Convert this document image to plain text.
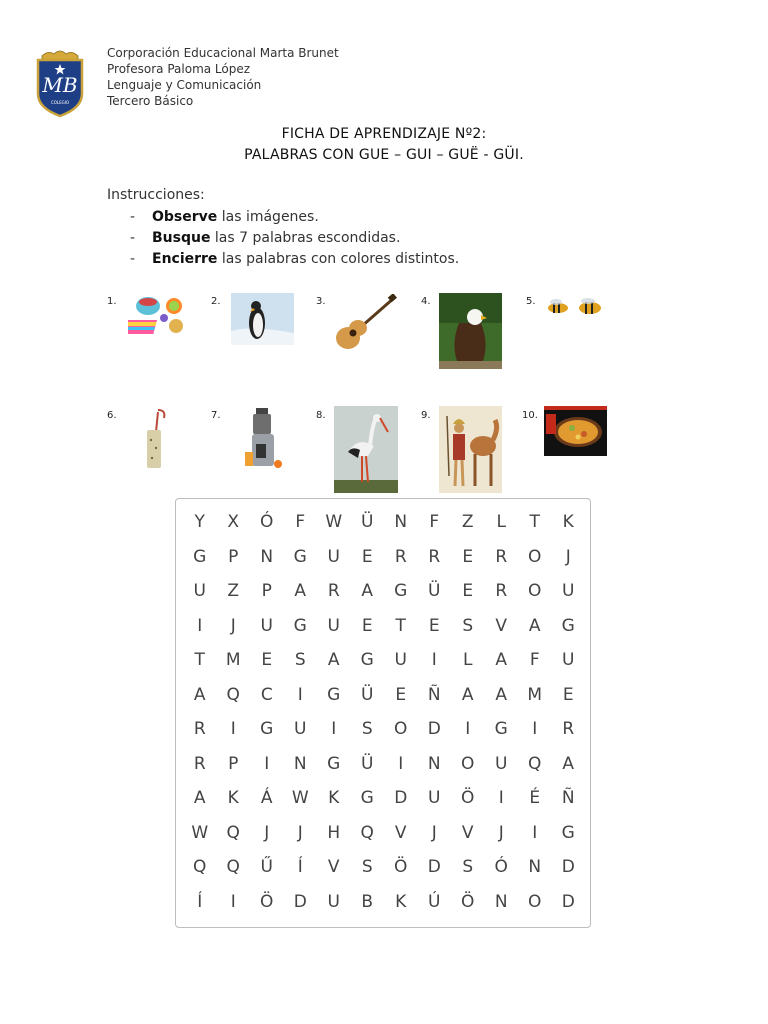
MB
COLEGIO
Corporación Educacional Marta Brunet
Profesora Paloma López
Lenguaje y Comunicación
Tercero Básico
FICHA DE APRENDIZAJE Nº2:
PALABRAS CON GUE – GUI – GUË - GÜI.
Instrucciones:
- Observe las imágenes.
- Busque las 7 palabras escondidas.
- Encierre las palabras con colores distintos.
1.	2.	3.	4.	5.
6.	7.	8.	9.	10.
Y	X	Ó	F	W	Ü	N	F	Z	L	T	K
G	P	N	G	U	E	R	R	E	R	O	J
U	Z	P	A	R	A	G	Ü	E	R	O	U
I	J	U	G	U	E	T	E	S	V	A	G
T	M	E	S	A	G	U	I	L	A	F	U
A	Q	C	I	G	Ü	E	Ñ	A	A	M	E
R	I	G	U	I	S	O	D	I	G	I	R
R	P	I	N	G	Ü	I	N	O	U	Q	A
A	K	Á	W	K	G	D	U	Ö	I	É	Ñ
W	Q	J	J	H	Q	V	J	V	J	I	G
Q	Q	Ű	Í	V	S	Ö	D	S	Ó	N	D
Í	I	Ö	D	U	B	K	Ú	Ö	N	O	D
